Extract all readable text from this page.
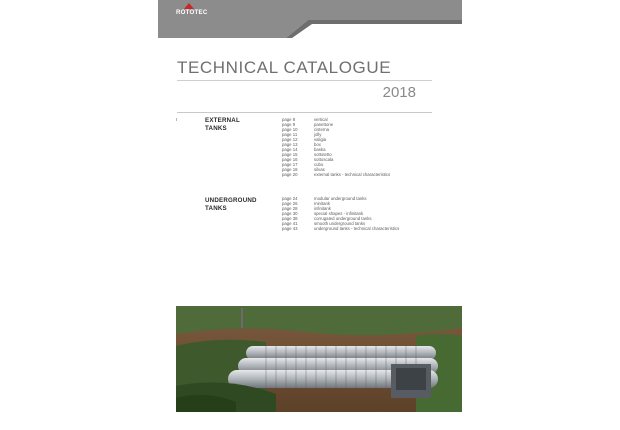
ROTOTEC
TECHNICAL CATALOGUE
2018
I	EXTERNAL
TANKS
page 8	vertical
page 9	panettone
page 10	cisterna
page 11	jolly
page 12	valigia
page 13	box
page 14	baska
page 15	sottotetto
page 16	sottoscala
page 17	cubo
page 18	silvas
page 20	external tanks - technical characteristics
UNDERGROUND
TANKS
page 24	modular underground tanks
page 26	minitank
page 28	infinitank
page 30	special shapes - infinitank
page 38	corrugated underground tanks
page 41	smooth underground tanks
page 43	underground tanks - technical characteristics
